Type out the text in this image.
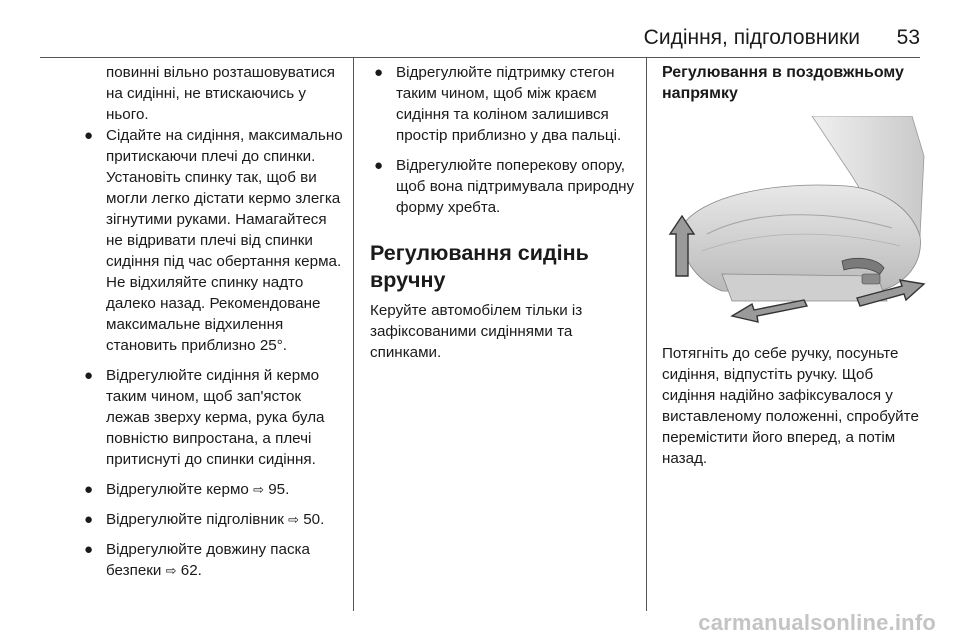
Сидіння, підголовники 53

повинні вільно розташовуватися на сидінні, не втискаючись у нього.

● Сідайте на сидіння, максимально притискаючи плечі до спинки. Установіть спинку так, щоб ви могли легко дістати кермо злегка зігнутими руками. Намагайтеся не відривати плечі від спинки сидіння під час обертання керма. Не відхиляйте спинку надто далеко назад. Рекомендоване максимальне відхилення становить приблизно 25°.
● Відрегулюйте сидіння й кермо таким чином, щоб зап'ясток лежав зверху керма, рука була повністю випростана, а плечі притиснуті до спинки сидіння.
● Відрегулюйте кермо ⇨ 95.
● Відрегулюйте підголівник ⇨ 50.
● Відрегулюйте довжину паска безпеки ⇨ 62.
● Відрегулюйте підтримку стегон таким чином, щоб між краєм сидіння та коліном залишився простір приблизно у два пальці.
● Відрегулюйте поперекову опору, щоб вона підтримувала природну форму хребта.
Регулювання сидінь вручну

Керуйте автомобілем тільки із зафіксованими сидіннями та спинками.

Регулювання в поздовжньому напрямку

Потягніть до себе ручку, посуньте сидіння, відпустіть ручку. Щоб сидіння надійно зафіксувалося у виставленому положенні, спробуйте перемістити його вперед, а потім назад.

carmanualsonline.info
